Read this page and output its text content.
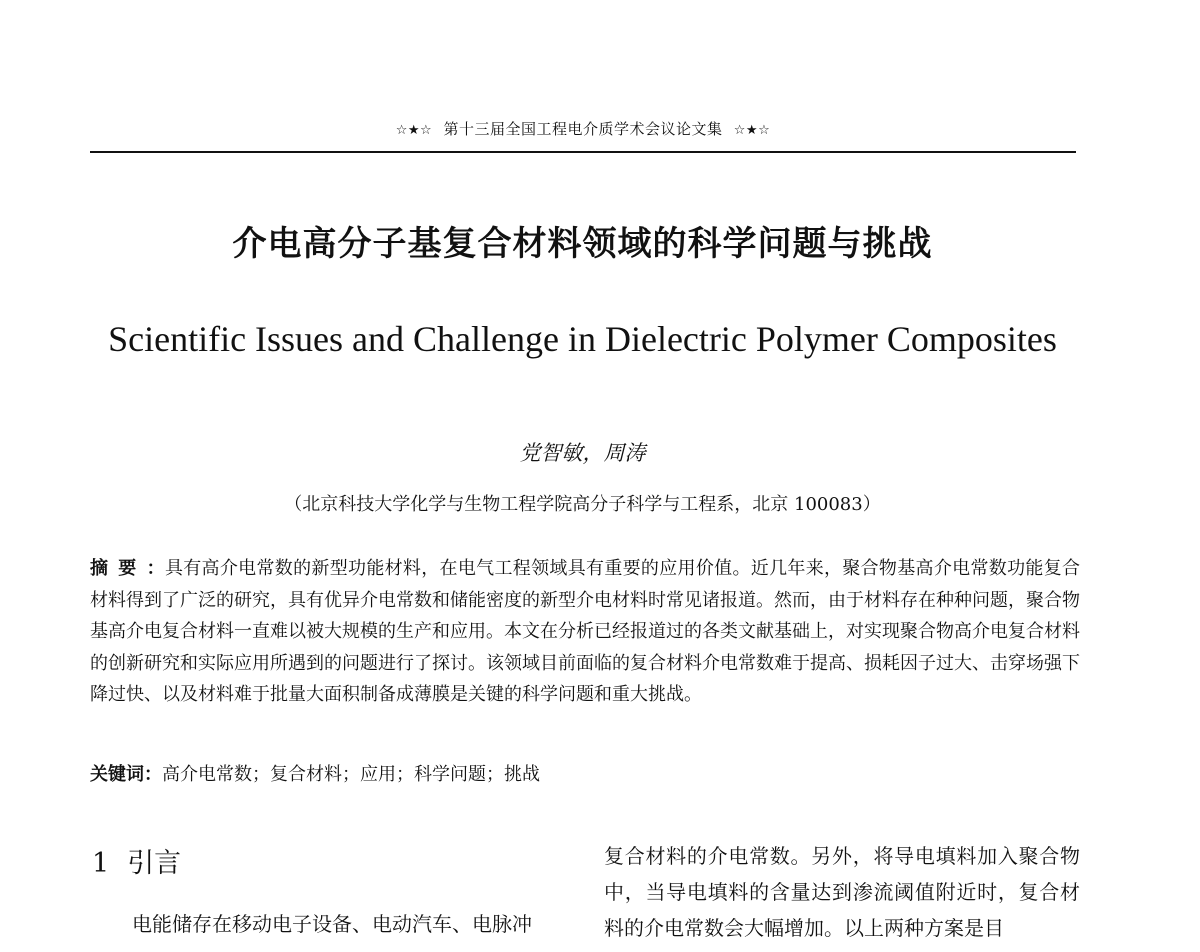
☆★☆ 第十三届全国工程电介质学术会议论文集 ☆★☆
介电高分子基复合材料领域的科学问题与挑战
Scientific Issues and Challenge in Dielectric Polymer Composites
党智敏，周涛
（北京科技大学化学与生物工程学院高分子科学与工程系，北京 100083）
摘要：具有高介电常数的新型功能材料，在电气工程领域具有重要的应用价值。近几年来，聚合物基高介电常数功能复合材料得到了广泛的研究，具有优异介电常数和储能密度的新型介电材料时常见诸报道。然而，由于材料存在种种问题，聚合物基高介电复合材料一直难以被大规模的生产和应用。本文在分析已经报道过的各类文献基础上，对实现聚合物高介电复合材料的创新研究和实际应用所遇到的问题进行了探讨。该领域目前面临的复合材料介电常数难于提高、损耗因子过大、击穿场强下降过快、以及材料难于批量大面积制备成薄膜是关键的科学问题和重大挑战。
关键词：高介电常数；复合材料；应用；科学问题；挑战
1 引言

电能储存在移动电子设备、电动汽车、电脉冲

复合材料的介电常数。另外，将导电填料加入聚合物中，当导电填料的含量达到渗流阈值附近时，复合材料的介电常数会大幅增加。以上两种方案是目
